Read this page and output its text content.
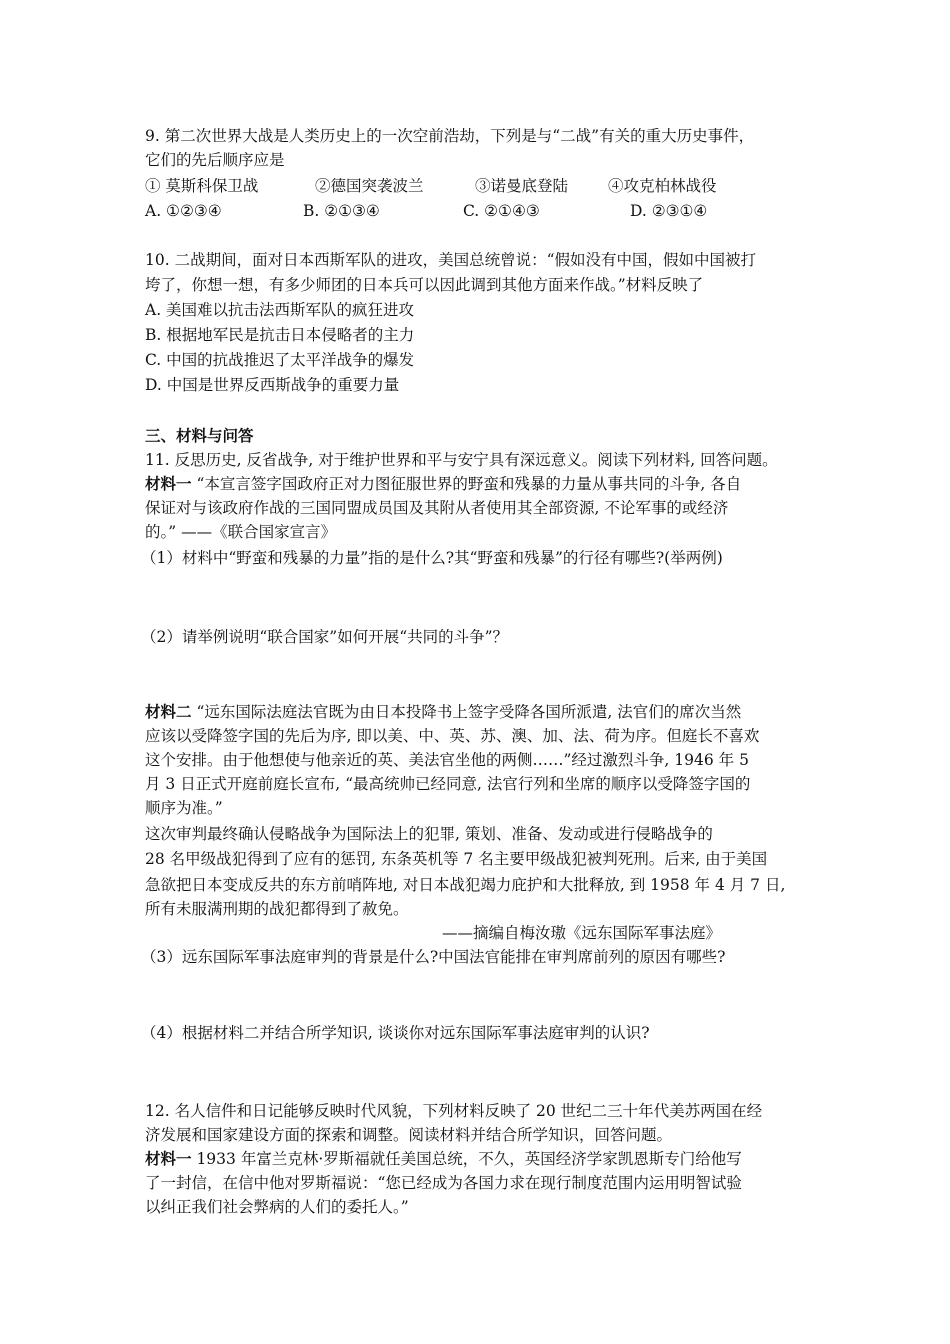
9. 第二次世界大战是人类历史上的一次空前浩劫，下列是与“二战”有关的重大历史事件，
它们的先后顺序应是
① 莫斯科保卫战	②德国突袭波兰	③诺曼底登陆	④攻克柏林战役
A. ①②③④	B. ②①③④	C. ②①④③	D. ②③①④
10. 二战期间，面对日本西斯军队的进攻，美国总统曾说：“假如没有中国，假如中国被打
垮了，你想一想，有多少师团的日本兵可以因此调到其他方面来作战。”材料反映了
A. 美国难以抗击法西斯军队的疯狂进攻
B. 根据地军民是抗击日本侵略者的主力
C. 中国的抗战推迟了太平洋战争的爆发
D. 中国是世界反西斯战争的重要力量
三、材料与问答
11. 反思历史, 反省战争, 对于维护世界和平与安宁具有深远意义。阅读下列材料, 回答问题。
材料一 “本宣言签字国政府正对力图征服世界的野蛮和残暴的力量从事共同的斗争, 各自
保证对与该政府作战的三国同盟成员国及其附从者使用其全部资源, 不论军事的或经济
的。” ——《联合国家宣言》
（1）材料中“野蛮和残暴的力量”指的是什么?其“野蛮和残暴”的行径有哪些?(举两例)
（2）请举例说明“联合国家”如何开展“共同的斗争”？
材料二 “远东国际法庭法官既为由日本投降书上签字受降各国所派遣, 法官们的席次当然
应该以受降签字国的先后为序, 即以美、中、英、苏、澳、加、法、荷为序。但庭长不喜欢
这个安排。由于他想使与他亲近的英、美法官坐他的两侧……”经过激烈斗争, 1946 年 5
月 3 日正式开庭前庭长宣布, “最高统帅已经同意, 法官行列和坐席的顺序以受降签字国的
顺序为准。”
这次审判最终确认侵略战争为国际法上的犯罪, 策划、准备、发动或进行侵略战争的
28 名甲级战犯得到了应有的惩罚, 东条英机等 7 名主要甲级战犯被判死刑。后来, 由于美国
急欲把日本变成反共的东方前哨阵地, 对日本战犯竭力庇护和大批释放, 到 1958 年 4 月 7 日,
所有未服满刑期的战犯都得到了赦免。
——摘编自梅汝璈《远东国际军事法庭》
（3）远东国际军事法庭审判的背景是什么?中国法官能排在审判席前列的原因有哪些?
（4）根据材料二并结合所学知识, 谈谈你对远东国际军事法庭审判的认识?
12. 名人信件和日记能够反映时代风貌，下列材料反映了 20 世纪二三十年代美苏两国在经
济发展和国家建设方面的探索和调整。阅读材料并结合所学知识，回答问题。
材料一 1933 年富兰克林·罗斯福就任美国总统，不久，英国经济学家凯恩斯专门给他写
了一封信，在信中他对罗斯福说：“您已经成为各国力求在现行制度范围内运用明智试验
以纠正我们社会弊病的人们的委托人。”
